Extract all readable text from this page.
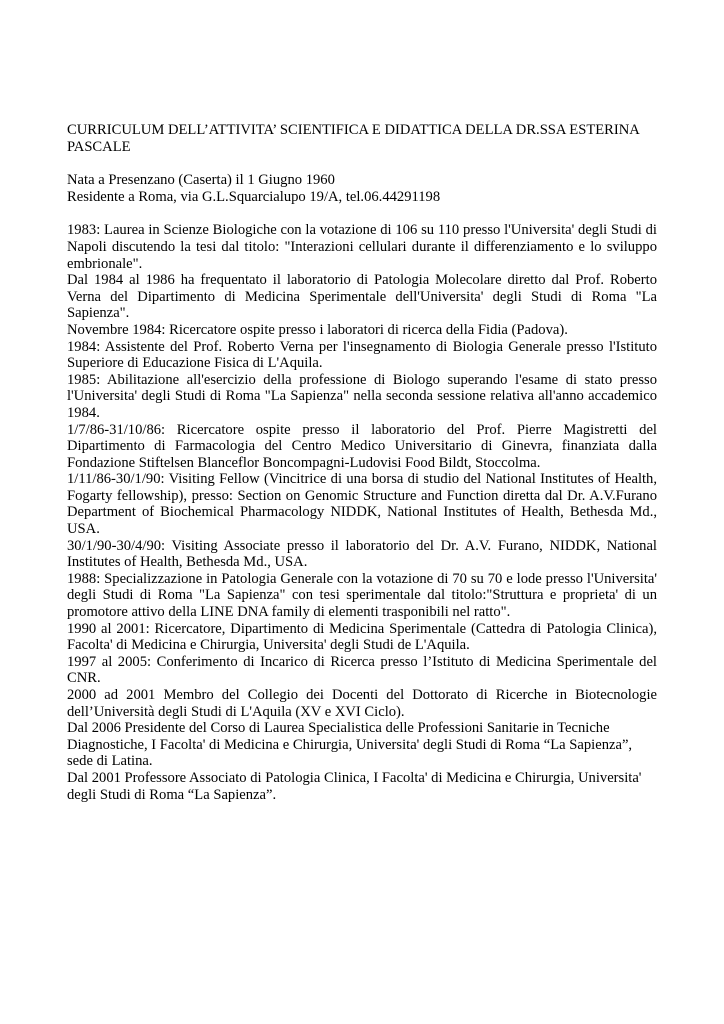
CURRICULUM DELL’ATTIVITA’ SCIENTIFICA E DIDATTICA DELLA DR.SSA ESTERINA PASCALE

Nata a Presenzano (Caserta) il 1 Giugno 1960

Residente a Roma, via G.L.Squarcialupo 19/A, tel.06.44291198

1983: Laurea in Scienze Biologiche con la votazione di 106 su 110 presso l'Universita' degli Studi di Napoli discutendo la tesi dal titolo: "Interazioni cellulari durante il differenziamento e lo sviluppo embrionale".

Dal 1984 al 1986 ha frequentato il laboratorio di Patologia Molecolare diretto dal Prof. Roberto Verna del Dipartimento di Medicina Sperimentale dell'Universita' degli Studi di Roma "La Sapienza".

Novembre 1984: Ricercatore ospite presso i laboratori di ricerca della Fidia (Padova).

1984: Assistente del Prof. Roberto Verna per l'insegnamento di Biologia Generale presso l'Istituto Superiore di Educazione Fisica di L'Aquila.

1985: Abilitazione all'esercizio della professione di Biologo superando l'esame di stato presso l'Universita' degli Studi di Roma "La Sapienza" nella seconda sessione relativa all'anno accademico 1984.

1/7/86-31/10/86: Ricercatore ospite presso il laboratorio del Prof. Pierre Magistretti del Dipartimento di Farmacologia del Centro Medico Universitario di Ginevra, finanziata dalla Fondazione Stiftelsen Blanceflor Boncompagni-Ludovisi Food Bildt, Stoccolma.

1/11/86-30/1/90: Visiting Fellow (Vincitrice di una borsa di studio del National Institutes of Health, Fogarty fellowship), presso: Section on Genomic Structure and Function diretta dal Dr. A.V.Furano Department of Biochemical Pharmacology NIDDK, National Institutes of Health, Bethesda Md., USA.

30/1/90-30/4/90: Visiting Associate presso il laboratorio del Dr. A.V. Furano, NIDDK, National Institutes of Health, Bethesda Md., USA.

1988: Specializzazione in Patologia Generale con la votazione di 70 su 70 e lode presso l'Universita' degli Studi di Roma "La Sapienza" con tesi sperimentale dal titolo:"Struttura e proprieta' di un promotore attivo della LINE DNA family di elementi trasponibili nel ratto".

1990 al 2001: Ricercatore, Dipartimento di Medicina Sperimentale (Cattedra di Patologia Clinica), Facolta' di Medicina e Chirurgia, Universita' degli Studi de L'Aquila.

1997 al 2005: Conferimento di Incarico di Ricerca presso l’Istituto di Medicina Sperimentale del CNR.

2000 ad 2001 Membro del Collegio dei Docenti del Dottorato di Ricerche in Biotecnologie dell’Università degli Studi di L'Aquila (XV e XVI Ciclo).

Dal 2006 Presidente del Corso di Laurea Specialistica delle Professioni Sanitarie in Tecniche Diagnostiche, I Facolta' di Medicina e Chirurgia, Universita' degli Studi di Roma “La Sapienza”, sede di Latina.

Dal 2001 Professore Associato di Patologia Clinica, I Facolta' di Medicina e Chirurgia, Universita' degli Studi di Roma “La Sapienza”.
